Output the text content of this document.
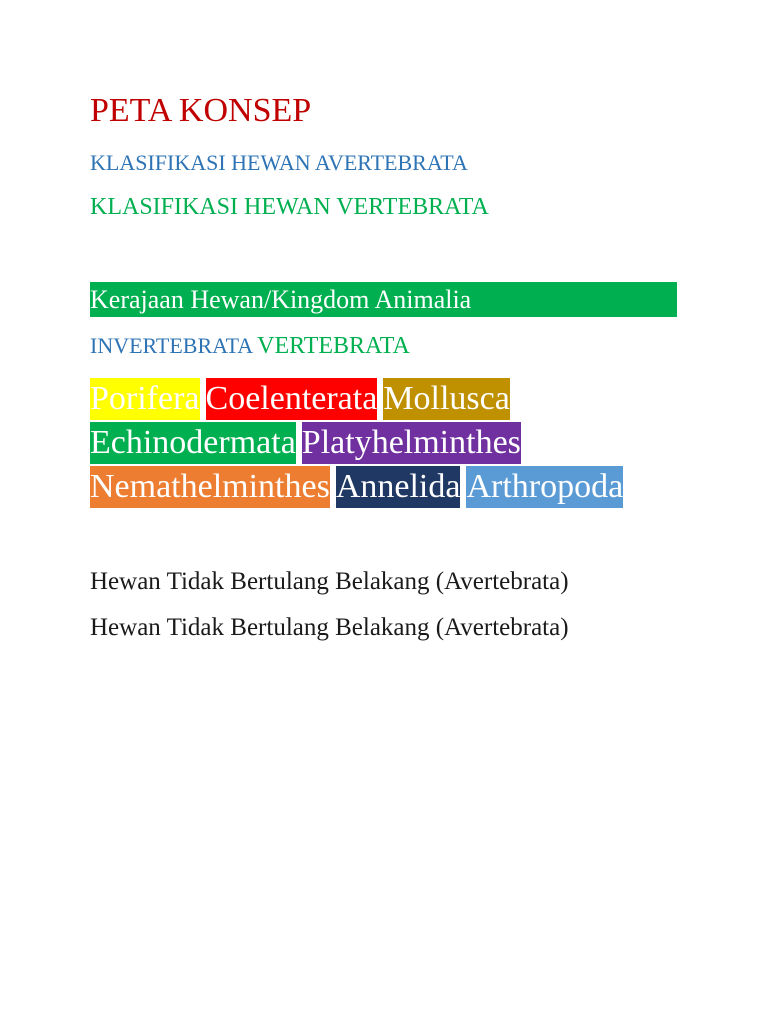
PETA KONSEP
KLASIFIKASI HEWAN AVERTEBRATA
KLASIFIKASI HEWAN VERTEBRATA
Kerajaan Hewan/Kingdom Animalia
INVERTEBRATA VERTEBRATA
Porifera Coelenterata Mollusca
Echinodermata Platyhelminthes
Nemathelminthes Annelida Arthropoda
Hewan Tidak Bertulang Belakang (Avertebrata)
Hewan Tidak Bertulang Belakang (Avertebrata)
